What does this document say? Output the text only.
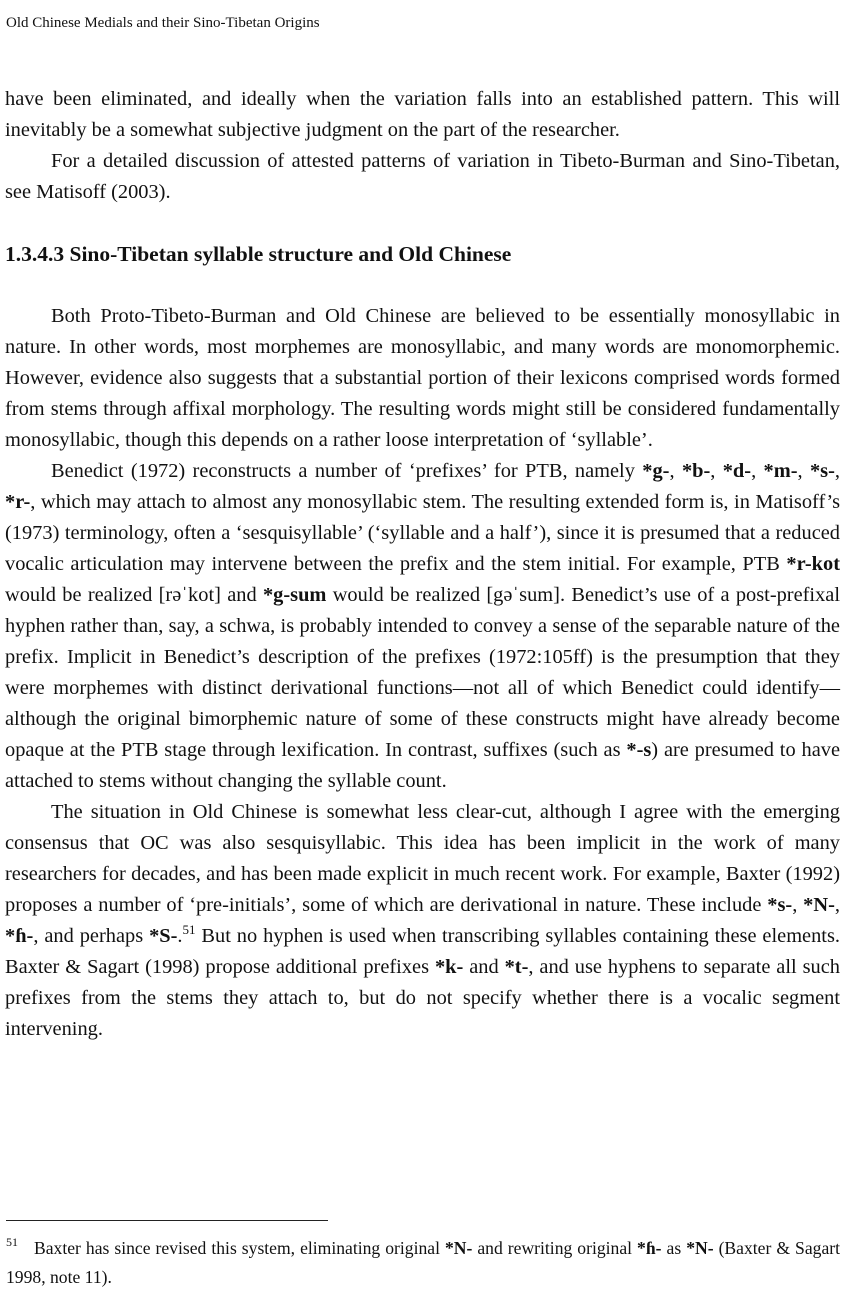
Old Chinese Medials and their Sino-Tibetan Origins

have been eliminated, and ideally when the variation falls into an established pattern. This will inevitably be a somewhat subjective judgment on the part of the researcher.

For a detailed discussion of attested patterns of variation in Tibeto-Burman and Sino-Tibetan, see Matisoff (2003).

1.3.4.3 Sino-Tibetan syllable structure and Old Chinese

Both Proto-Tibeto-Burman and Old Chinese are believed to be essentially monosyllabic in nature. In other words, most morphemes are monosyllabic, and many words are monomorphemic. However, evidence also suggests that a substantial portion of their lexicons comprised words formed from stems through affixal morphology. The resulting words might still be considered fundamentally monosyllabic, though this depends on a rather loose interpretation of ‘syllable’.

Benedict (1972) reconstructs a number of ‘prefixes’ for PTB, namely *g-, *b-, *d-, *m-, *s-, *r-, which may attach to almost any monosyllabic stem. The resulting extended form is, in Matisoff’s (1973) terminology, often a ‘sesquisyllable’ (‘syllable and a half’), since it is presumed that a reduced vocalic articulation may intervene between the prefix and the stem initial. For example, PTB *r-kot would be realized [rəˈkot] and *g-sum would be realized [gəˈsum]. Benedict’s use of a post-prefixal hyphen rather than, say, a schwa, is probably intended to convey a sense of the separable nature of the prefix. Implicit in Benedict’s description of the prefixes (1972:105ff) is the presumption that they were morphemes with distinct derivational functions—not all of which Benedict could identify—although the original bimorphemic nature of some of these constructs might have already become opaque at the PTB stage through lexification. In contrast, suffixes (such as *-s) are presumed to have attached to stems without changing the syllable count.

The situation in Old Chinese is somewhat less clear-cut, although I agree with the emerging consensus that OC was also sesquisyllabic. This idea has been implicit in the work of many researchers for decades, and has been made explicit in much recent work. For example, Baxter (1992) proposes a number of ‘pre-initials’, some of which are derivational in nature. These include *s-, *N-, *ɦ-, and perhaps *S-.$^{51}$ But no hyphen is used when transcribing syllables containing these elements. Baxter & Sagart (1998) propose additional prefixes *k- and *t-, and use hyphens to separate all such prefixes from the stems they attach to, but do not specify whether there is a vocalic segment intervening.

$^{51}$ Baxter has since revised this system, eliminating original *N- and rewriting original *ɦ- as *N- (Baxter & Sagart 1998, note 11).
